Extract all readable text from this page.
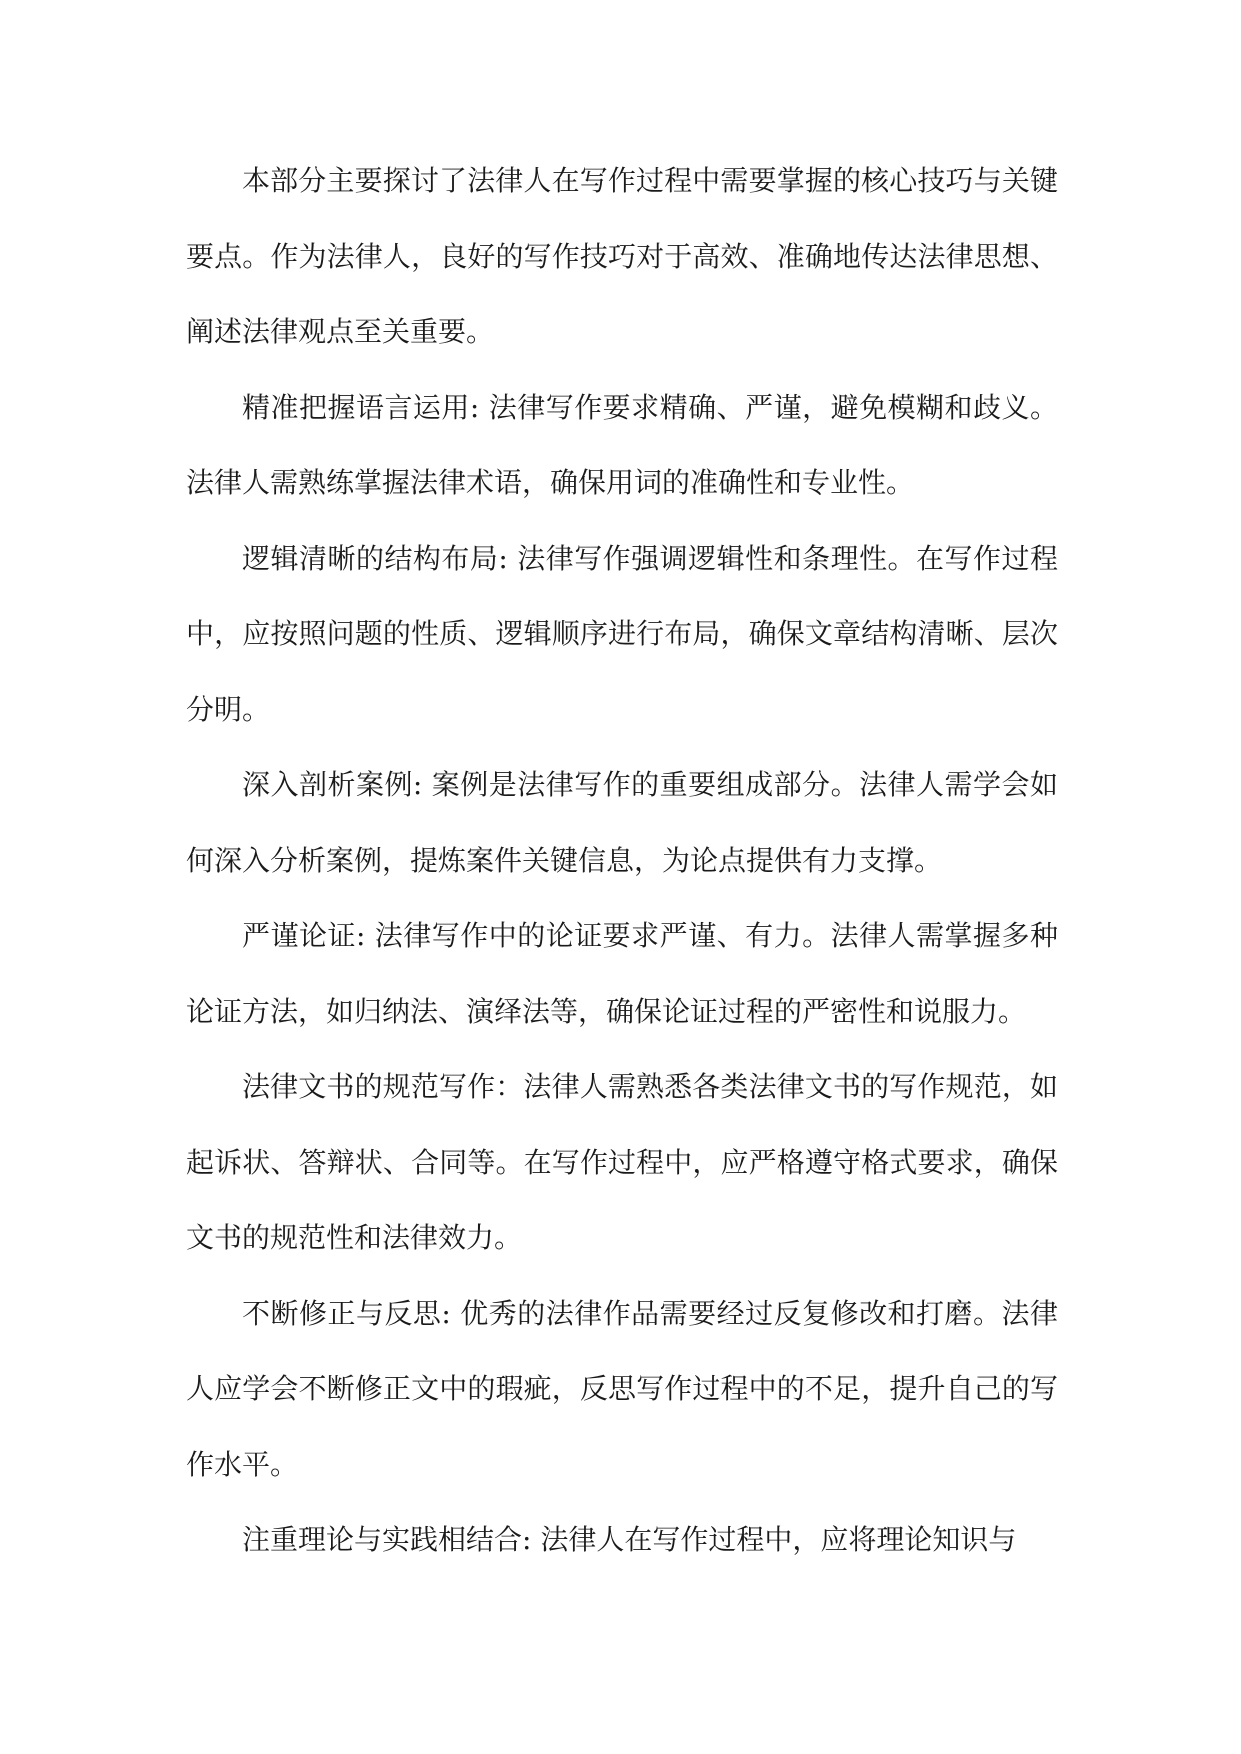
本部分主要探讨了法律人在写作过程中需要掌握的核心技巧与关键要点。作为法律人，良好的写作技巧对于高效、准确地传达法律思想、阐述法律观点至关重要。

精准把握语言运用: 法律写作要求精确、严谨，避免模糊和歧义。法律人需熟练掌握法律术语，确保用词的准确性和专业性。

逻辑清晰的结构布局: 法律写作强调逻辑性和条理性。在写作过程中，应按照问题的性质、逻辑顺序进行布局，确保文章结构清晰、层次分明。

深入剖析案例: 案例是法律写作的重要组成部分。法律人需学会如何深入分析案例，提炼案件关键信息，为论点提供有力支撑。

严谨论证: 法律写作中的论证要求严谨、有力。法律人需掌握多种论证方法，如归纳法、演绎法等，确保论证过程的严密性和说服力。

法律文书的规范写作：法律人需熟悉各类法律文书的写作规范，如起诉状、答辩状、合同等。在写作过程中，应严格遵守格式要求，确保文书的规范性和法律效力。

不断修正与反思: 优秀的法律作品需要经过反复修改和打磨。法律人应学会不断修正文中的瑕疵，反思写作过程中的不足，提升自己的写作水平。

注重理论与实践相结合: 法律人在写作过程中，应将理论知识与
